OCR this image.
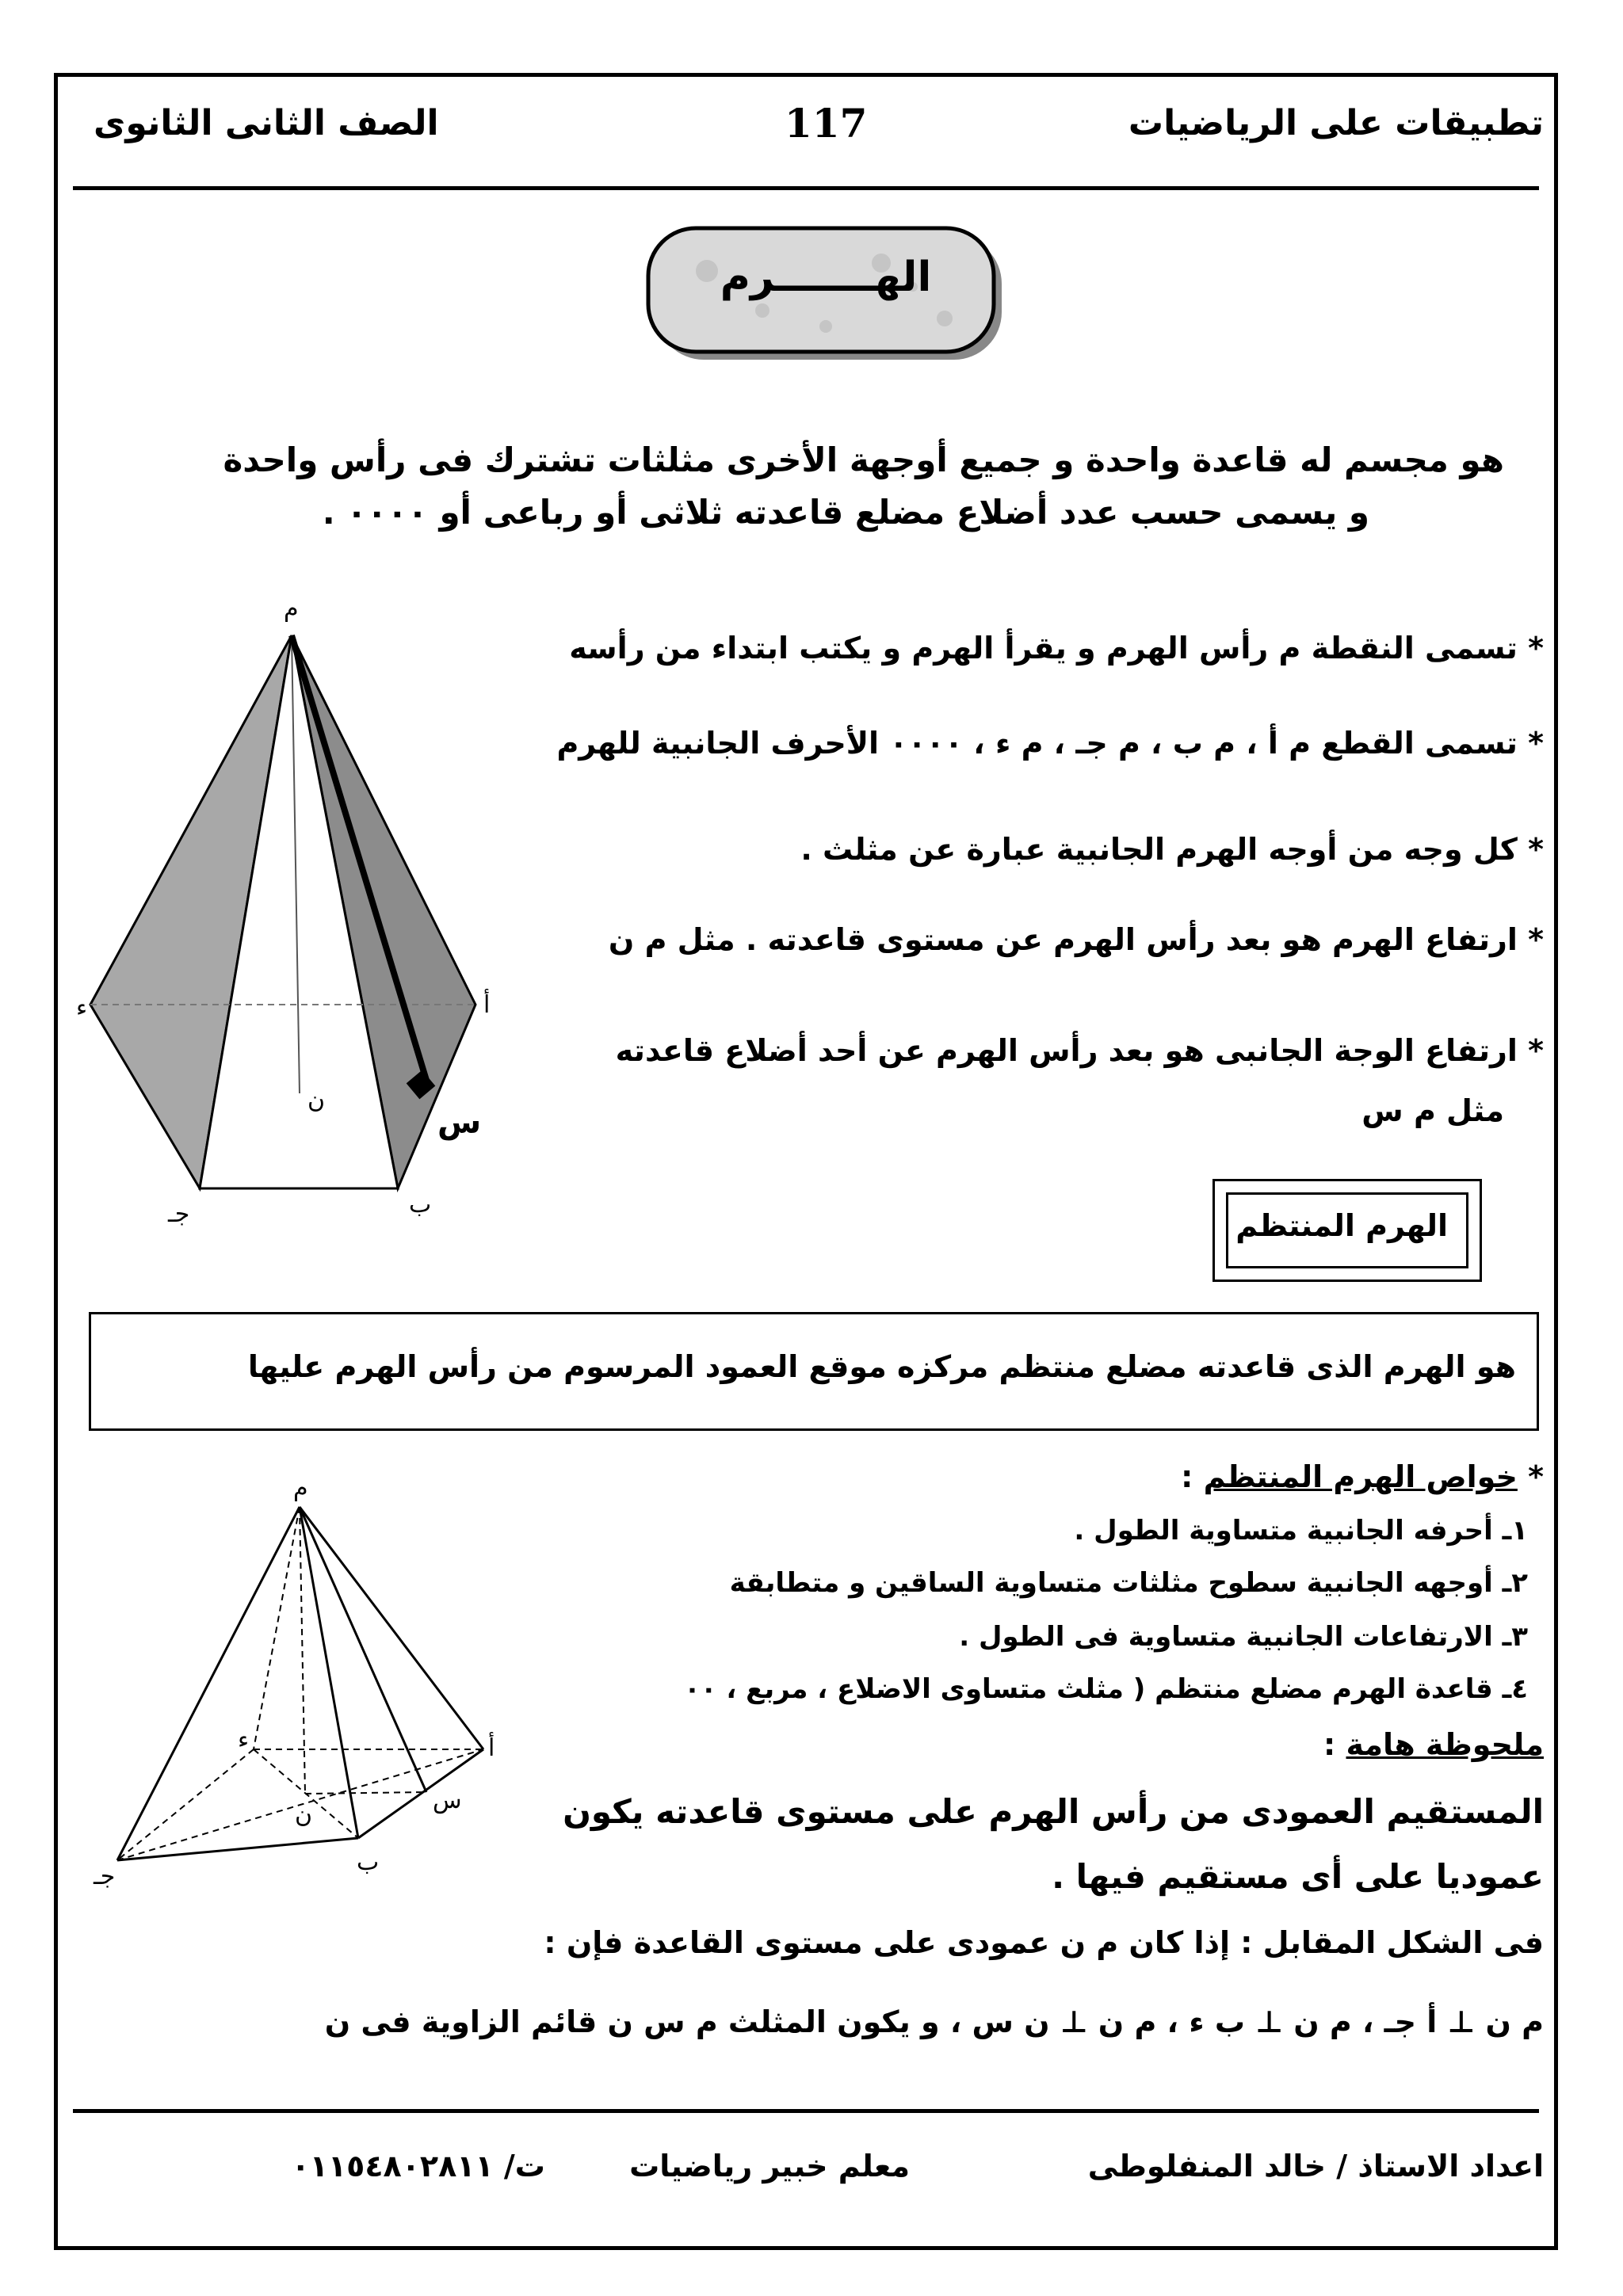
تطبيقات على الرياضيات
117
الصف الثانى الثانوى
الهـــــــرم
هو مجسم له قاعدة واحدة و جميع أوجهة الأخرى مثلثات تشترك فى رأس واحدة
و يسمى حسب عدد أضلاع مضلع قاعدته ثلاثى أو رباعى أو ٠٠٠٠ .
م
أ
ب
جـ
ء
ن
س
* تسمى النقطة م رأس الهرم و يقرأ الهرم و يكتب ابتداء من رأسه
* تسمى القطع م أ ، م ب ، م جـ ، م ء ، ٠٠٠٠ الأحرف الجانبية للهرم
* كل وجه من أوجه الهرم الجانبية عبارة عن مثلث .
* ارتفاع الهرم هو بعد رأس الهرم عن مستوى قاعدته . مثل م ن
* ارتفاع الوجة الجانبى هو بعد رأس الهرم عن أحد أضلاع قاعدته
مثل م س
الهرم المنتظم
هو الهرم الذى قاعدته مضلع منتظم مركزه موقع العمود المرسوم من رأس الهرم عليها
م
أ
ب
جـ
ء
ن
س
* خواص الهرم المنتظم :
١ـ أحرفه الجانبية متساوية الطول .
٢ـ أوجهه الجانبية سطوح مثلثات متساوية الساقين و متطابقة
٣ـ الارتفاعات الجانبية متساوية فى الطول .
٤ـ قاعدة الهرم مضلع منتظم ( مثلث متساوى الاضلاع ، مربع ، ٠٠
ملحوظة هامة :
المستقيم العمودى من رأس الهرم على مستوى قاعدته يكون
عموديا على أى مستقيم فيها .
فى الشكل المقابل : إذا كان م ن عمودى على مستوى القاعدة فإن :
م ن ⊥ أ جـ ، م ن ⊥ ب ء ، م ن ⊥ ن س ، و يكون المثلث م س ن قائم الزاوية فى ن
اعداد الاستاذ / خالد المنفلوطى
معلم خبير رياضيات
ت/ ٠١١٥٤٨٠٢٨١١
